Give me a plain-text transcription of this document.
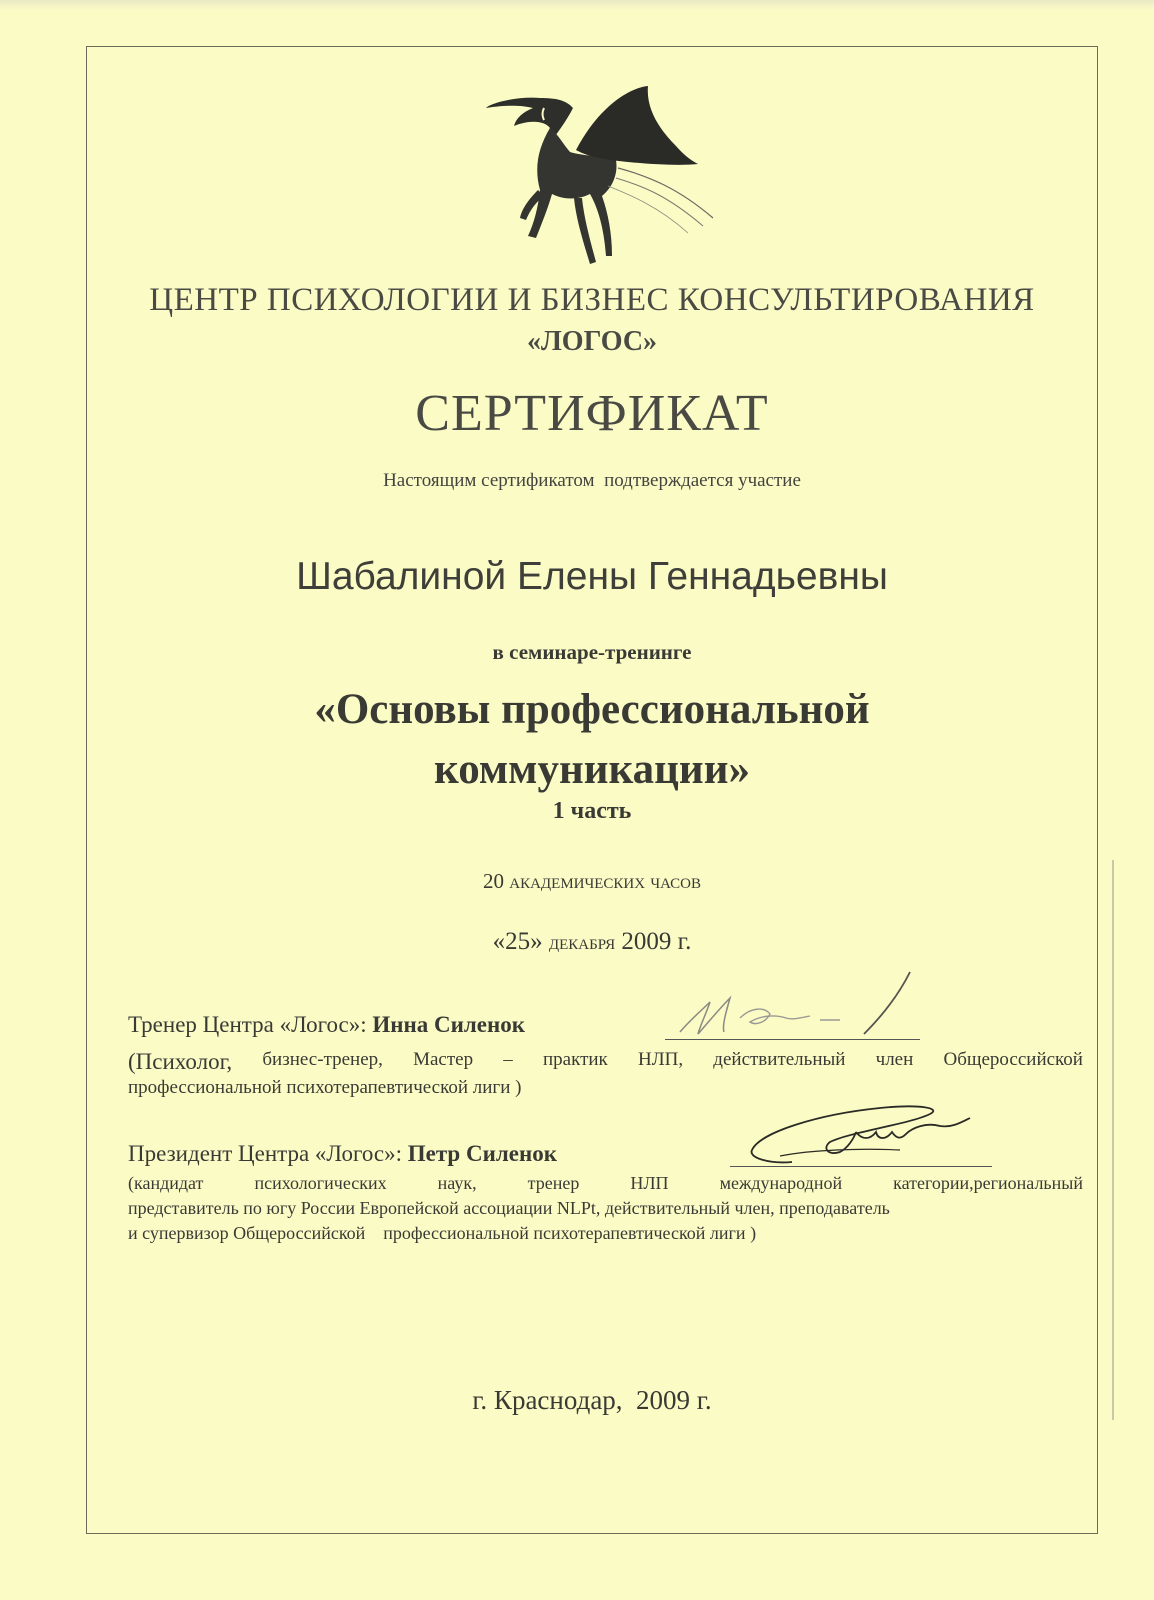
ЦЕНТР ПСИХОЛОГИИ И БИЗНЕС КОНСУЛЬТИРОВАНИЯ
«ЛОГОС»
СЕРТИФИКАТ
Настоящим сертификатом  подтверждается участие
Шабалиной Елены Геннадьевны
в семинаре-тренинге
«Основы профессиональной
коммуникации»
1 часть
20 академических часов
«25» декабря 2009 г.
Тренер Центра «Логос»: Инна Силенок
(Психолог, бизнес-тренер, Мастер – практик НЛП, действительный член Общероссийской
профессиональной психотерапевтической лиги )
Президент Центра «Логос»: Петр Силенок
(кандидат	психологических	наук,	тренер	НЛП	международной	категории,региональный
представитель по югу России Европейской ассоциации NLPt, действительный член, преподаватель
и супервизор Общероссийской    профессиональной психотерапевтической лиги )
г. Краснодар,  2009 г.
